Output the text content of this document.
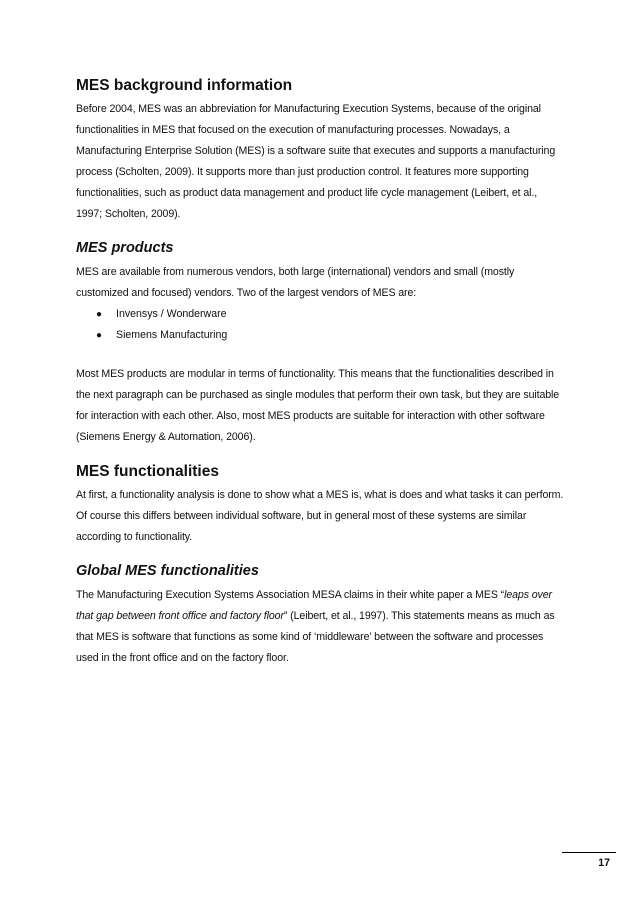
MES background information

Before 2004, MES was an abbreviation for Manufacturing Execution Systems, because of the original functionalities in MES that focused on the execution of manufacturing processes. Nowadays, a Manufacturing Enterprise Solution (MES) is a software suite that executes and supports a manufacturing process (Scholten, 2009). It supports more than just production control. It features more supporting functionalities, such as product data management and product life cycle management (Leibert, et al., 1997; Scholten, 2009).

MES products

MES are available from numerous vendors, both large (international) vendors and small (mostly customized and focused) vendors. Two of the largest vendors of MES are:

● Invensys / Wonderware
● Siemens Manufacturing

Most MES products are modular in terms of functionality. This means that the functionalities described in the next paragraph can be purchased as single modules that perform their own task, but they are suitable for interaction with each other. Also, most MES products are suitable for interaction with other software (Siemens Energy & Automation, 2006).

MES functionalities

At first, a functionality analysis is done to show what a MES is, what is does and what tasks it can perform. Of course this differs between individual software, but in general most of these systems are similar according to functionality.

Global MES functionalities

The Manufacturing Execution Systems Association MESA claims in their white paper a MES “leaps over that gap between front office and factory floor” (Leibert, et al., 1997). This statements means as much as that MES is software that functions as some kind of ‘middleware’ between the software and processes used in the front office and on the factory floor.

17
